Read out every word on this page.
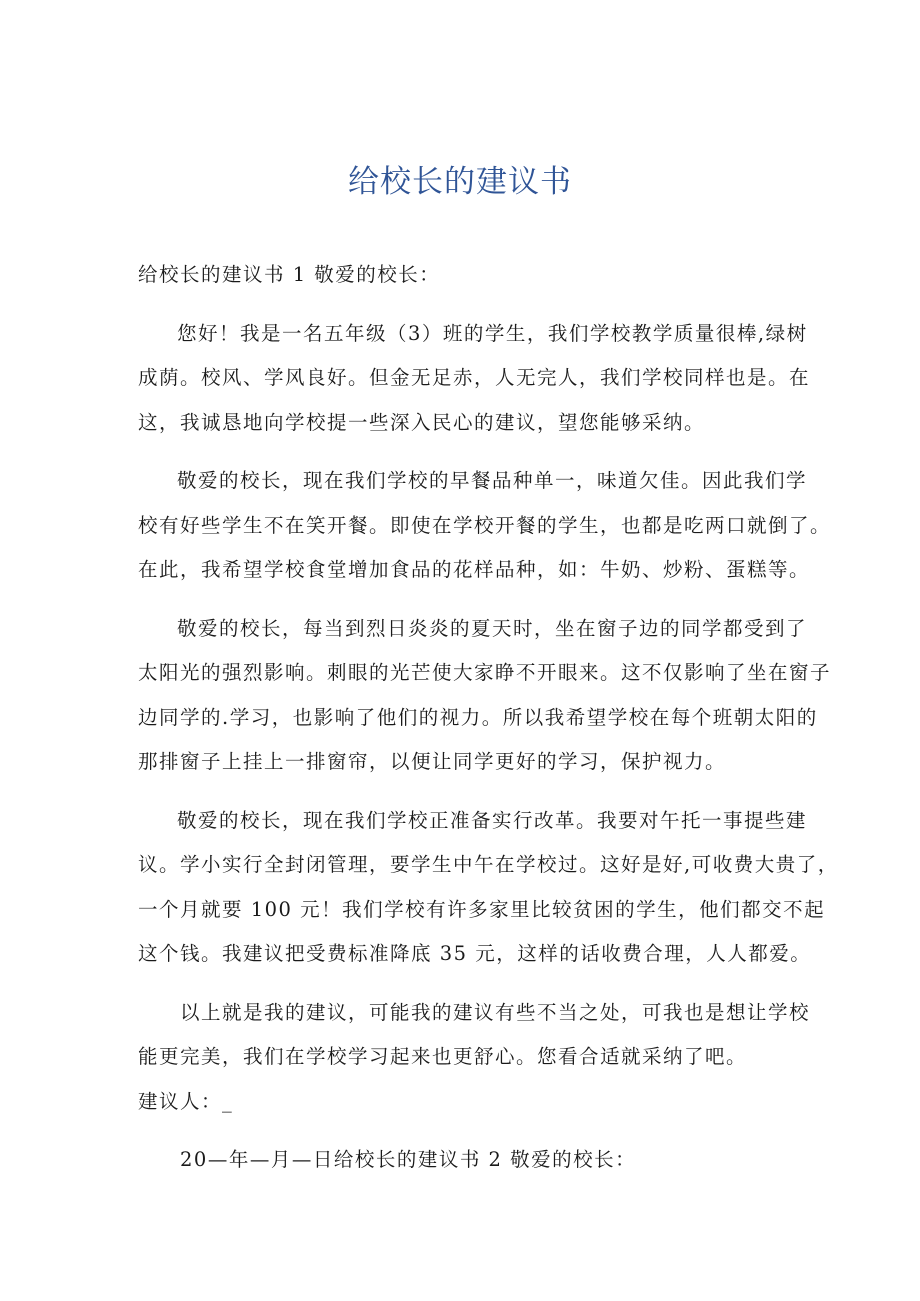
给校长的建议书
给校长的建议书 1 敬爱的校长：
您好！我是一名五年级（3）班的学生，我们学校教学质量很棒,绿树
成荫。校风、学风良好。但金无足赤，人无完人，我们学校同样也是。在
这，我诚恳地向学校提一些深入民心的建议，望您能够采纳。
敬爱的校长，现在我们学校的早餐品种单一，味道欠佳。因此我们学
校有好些学生不在笑开餐。即使在学校开餐的学生，也都是吃两口就倒了。
在此，我希望学校食堂增加食品的花样品种，如：牛奶、炒粉、蛋糕等。
敬爱的校长，每当到烈日炎炎的夏天时，坐在窗子边的同学都受到了
太阳光的强烈影响。刺眼的光芒使大家睁不开眼来。这不仅影响了坐在窗子
边同学的.学习，也影响了他们的视力。所以我希望学校在每个班朝太阳的
那排窗子上挂上一排窗帘，以便让同学更好的学习，保护视力。
敬爱的校长，现在我们学校正准备实行改革。我要对午托一事提些建
议。学小实行全封闭管理，要学生中午在学校过。这好是好,可收费大贵了，
一个月就要 100 元！我们学校有许多家里比较贫困的学生，他们都交不起
这个钱。我建议把受费标准降底 35 元，这样的话收费合理，人人都爱。
以上就是我的建议，可能我的建议有些不当之处，可我也是想让学校
能更完美，我们在学校学习起来也更舒心。您看合适就采纳了吧。
建议人：_
20—年—月—日给校长的建议书 2 敬爱的校长：
